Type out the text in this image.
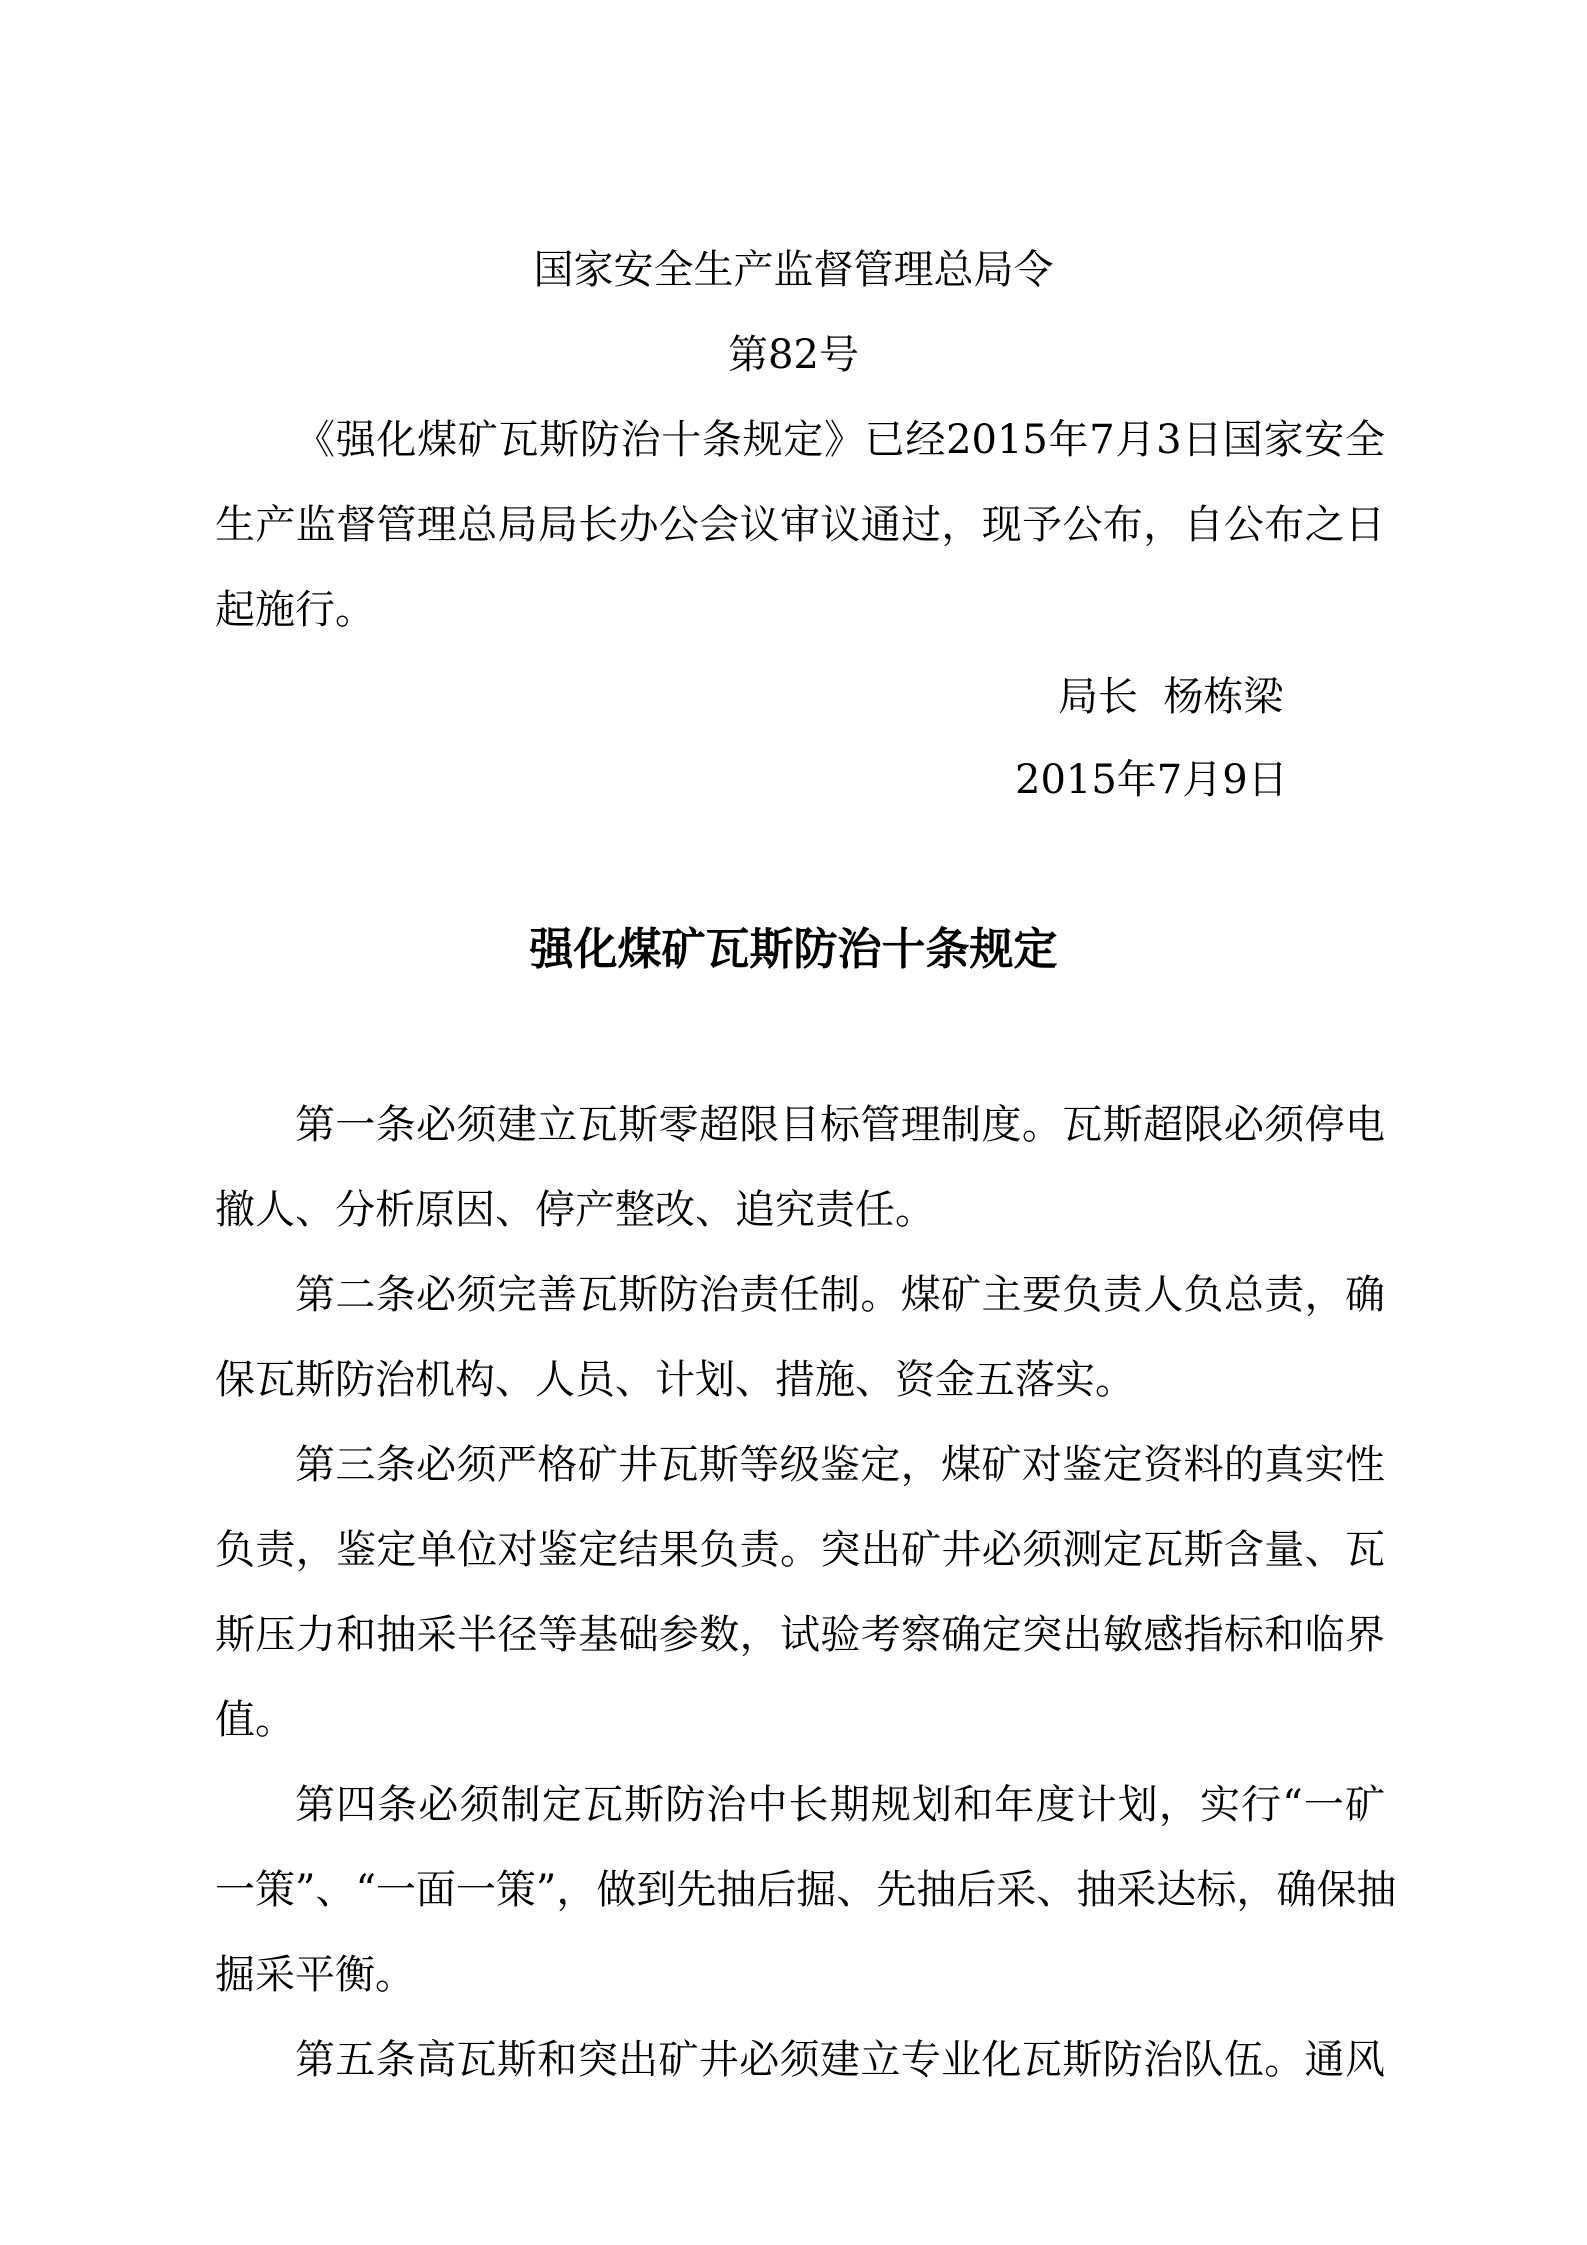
国家安全生产监督管理总局令
第82号
《强化煤矿瓦斯防治十条规定》已经2015年7月3日国家安全
生产监督管理总局局长办公会议审议通过，现予公布，自公布之日
起施行。
局长  杨栋梁
2015年7月9日
强化煤矿瓦斯防治十条规定
第一条必须建立瓦斯零超限目标管理制度。瓦斯超限必须停电
撤人、分析原因、停产整改、追究责任。
第二条必须完善瓦斯防治责任制。煤矿主要负责人负总责，确
保瓦斯防治机构、人员、计划、措施、资金五落实。
第三条必须严格矿井瓦斯等级鉴定，煤矿对鉴定资料的真实性
负责，鉴定单位对鉴定结果负责。突出矿井必须测定瓦斯含量、瓦
斯压力和抽采半径等基础参数，试验考察确定突出敏感指标和临界
值。
第四条必须制定瓦斯防治中长期规划和年度计划，实行“一矿
一策”、“一面一策”，做到先抽后掘、先抽后采、抽采达标，确保抽
掘采平衡。
第五条高瓦斯和突出矿井必须建立专业化瓦斯防治队伍。通风
